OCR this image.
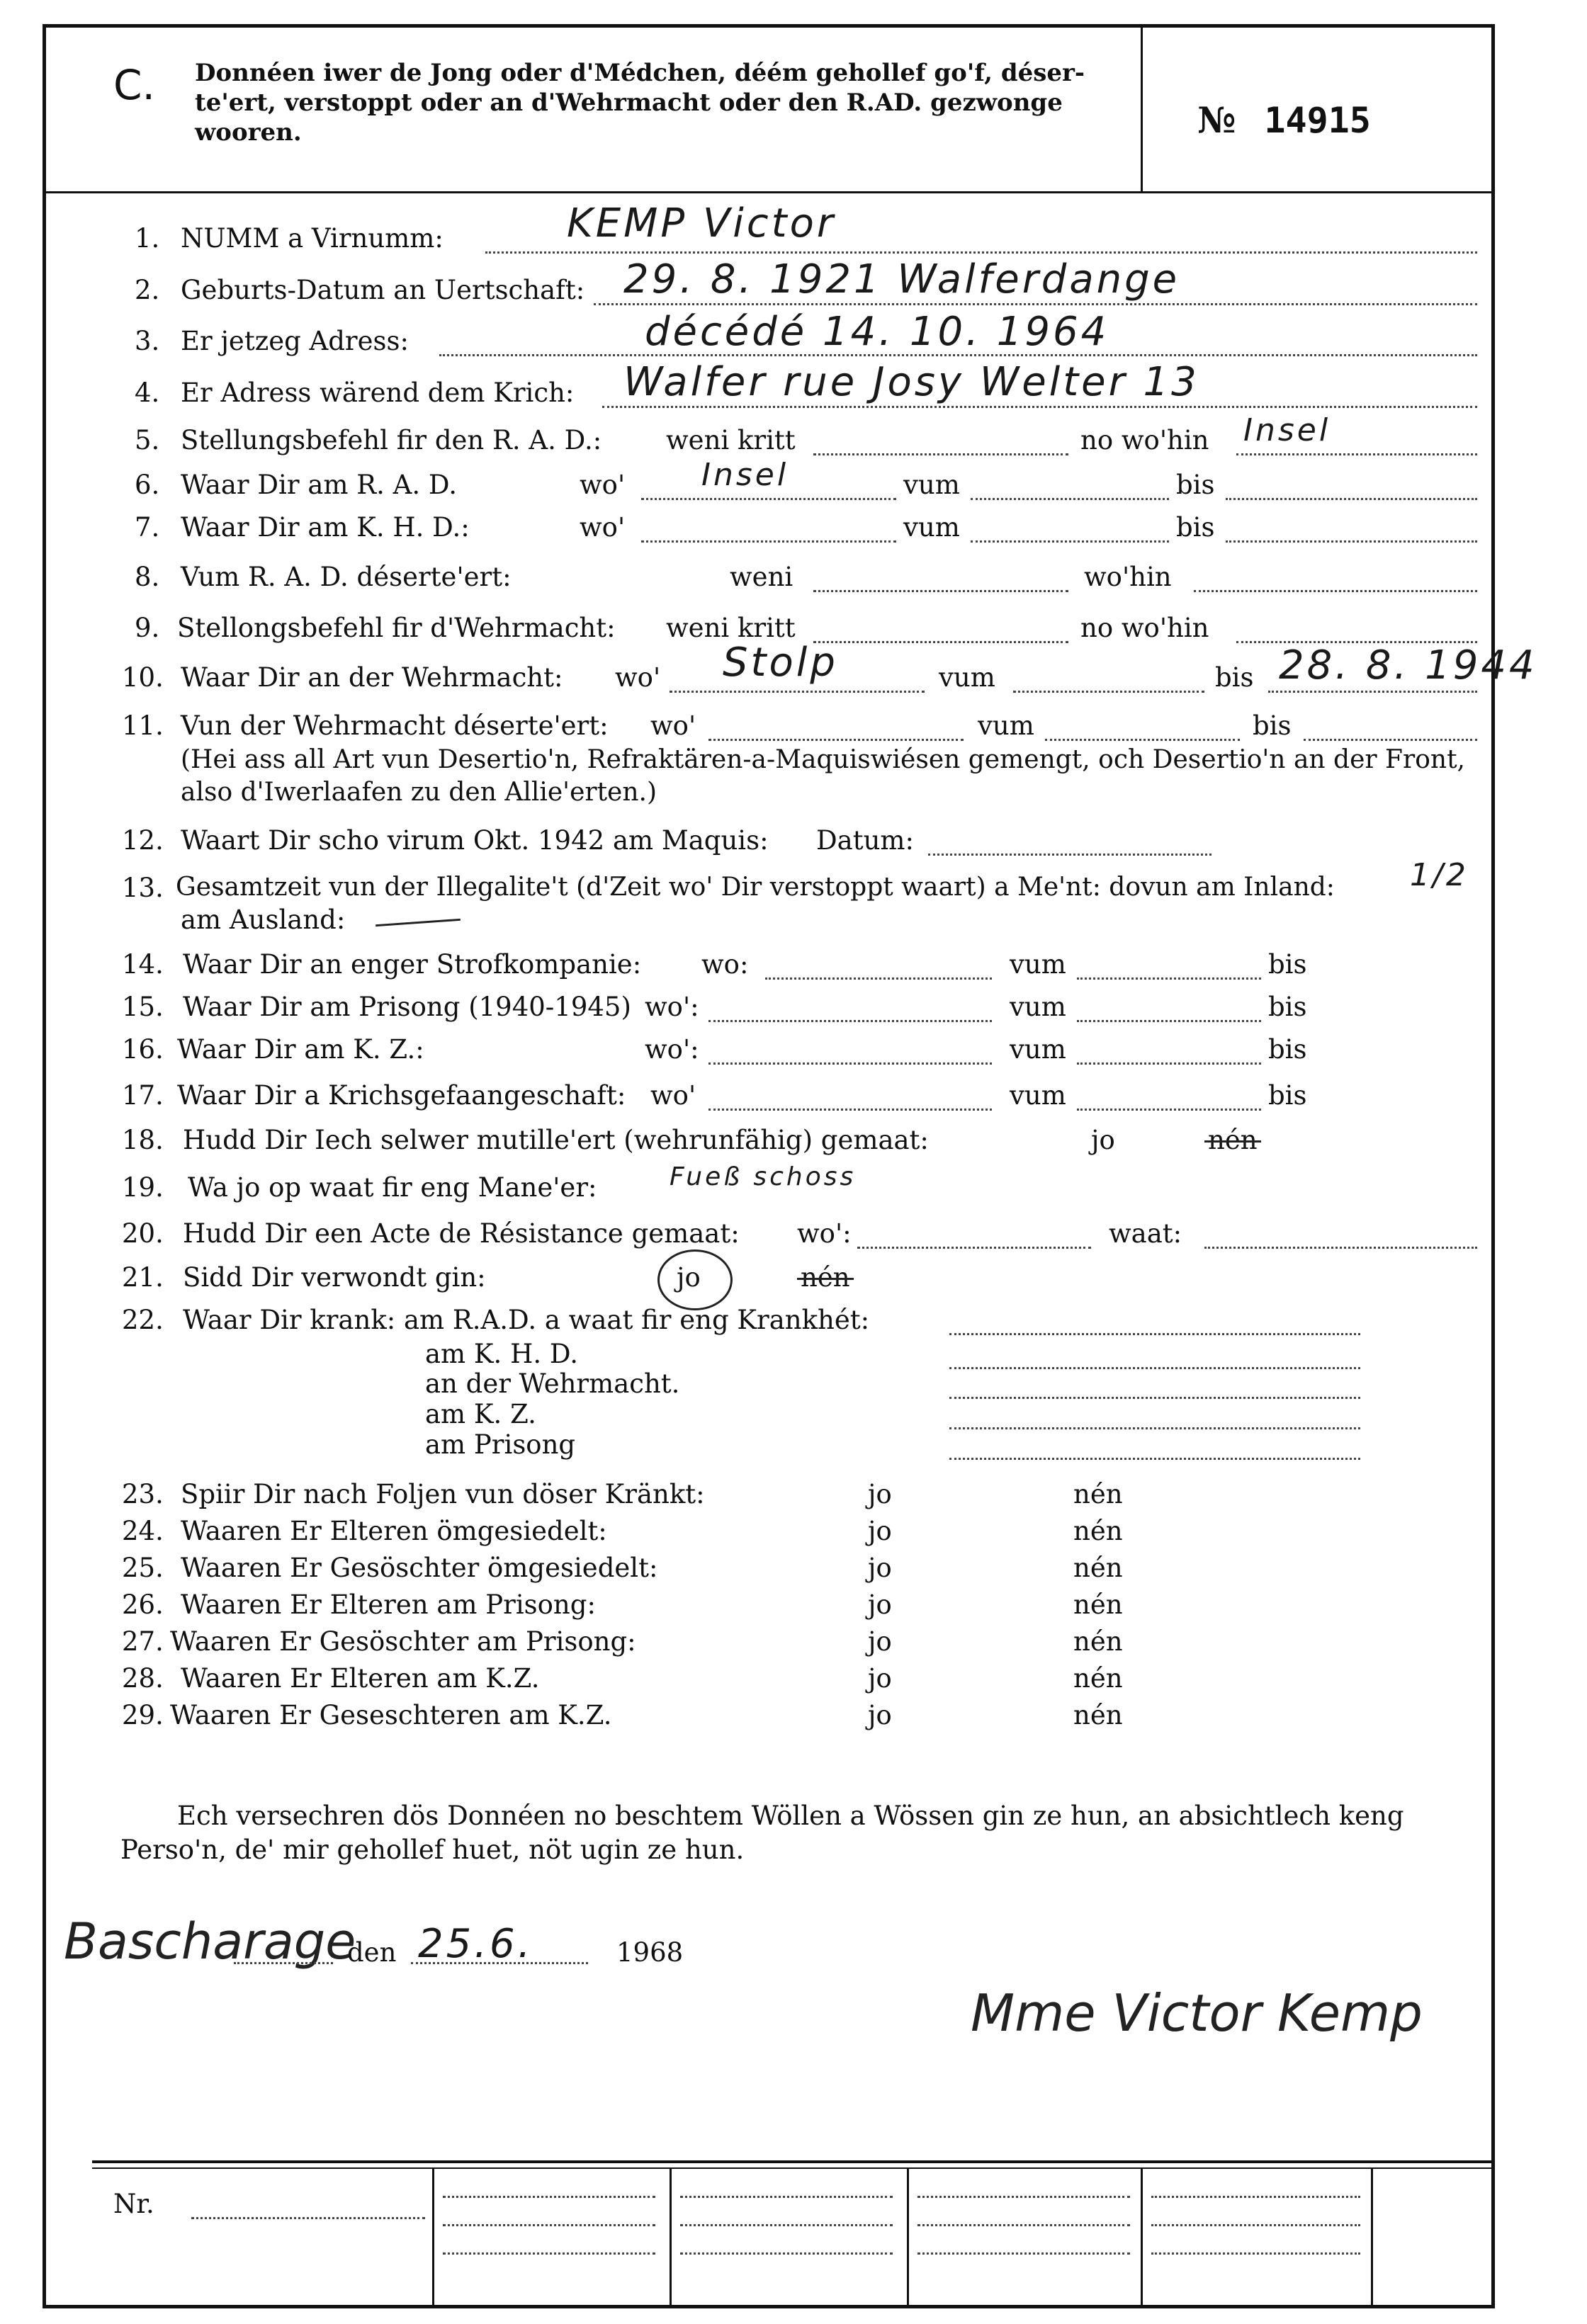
C. Donnéen iwer de Jong oder d'Médchen, déém gehollef go'f, déser-te'ert, verstoppt oder an d'Wehrmacht oder den R.AD. gezwonge wooren.	№ 14915
1. NUMM a Virnumm:	KEMP Victor
2. Geburts-Datum an Uertschaft: 29. 8. 1921 Walferdange
3. Er jetzeg Adress:	décédé 14. 10. 1964
4. Er Adress wärend dem Krich: Walfer rue Josy Welter 13
5. Stellungsbefehl fir den R. A. D.: weni kritt	no wo'hin Insel
6. Waar Dir am R. A. D.	wo' Insel	vum	bis
7. Waar Dir am K. H. D.:	wo'	vum	bis
8. Vum R. A. D. déserte'ert:	weni	wo'hin
9. Stellongsbefehl fir d'Wehrmacht: weni kritt	no wo'hin
10. Waar Dir an der Wehrmacht: wo' Stolp	vum	bis 28. 8. 1944
11. Vun der Wehrmacht déserte'ert: wo'	vum	bis
(Hei ass all Art vun Desertio'n, Refraktären-a-Maquiswiésen gemengt, och Desertio'n an der Front, also d'Iwerlaafen zu den Allie'erten.)
12. Waart Dir scho virum Okt. 1942 am Maquis: Datum:
13. Gesamtzeit vun der Illegalite't (d'Zeit wo' Dir verstoppt waart) a Me'nt: dovun am Inland: 1/2
am Ausland:
14. Waar Dir an enger Strofkompanie: wo:	vum	bis
15. Waar Dir am Prisong (1940-1945) wo':	vum	bis
16. Waar Dir am K. Z.:	wo':	vum	bis
17. Waar Dir a Krichsgefaangeschaft: wo'	vum	bis
18. Hudd Dir Iech selwer mutille'ert (wehrunfähig) gemaat:	jo	nén
19. Wa jo op waat fir eng Mane'er:	Fueß schoss
20. Hudd Dir een Acte de Résistance gemaat: wo':	waat:
21. Sidd Dir verwondt gin:	jo	nén
22. Waar Dir krank: am R.A.D. a waat fir eng Krankhét:
am K. H. D.
an der Wehrmacht.
am K. Z.
am Prisong
23. Spiir Dir nach Foljen vun döser Kränkt:	jo	nén
24. Waaren Er Elteren ömgesiedelt:	jo	nén
25. Waaren Er Gesöschter ömgesiedelt:	jo	nén
26. Waaren Er Elteren am Prisong:	jo	nén
27. Waaren Er Gesöschter am Prisong:	jo	nén
28. Waaren Er Elteren am K.Z.	jo	nén
29. Waaren Er Geseschteren am K.Z.	jo	nén
Ech versechren dös Donnéen no beschtem Wöllen a Wössen gin ze hun, an absichtlech keng Perso'n, de' mir gehollef huet, nöt ugin ze hun.
Bascharage
den 25.6.	1968
Mme Victor Kemp
Nr.
